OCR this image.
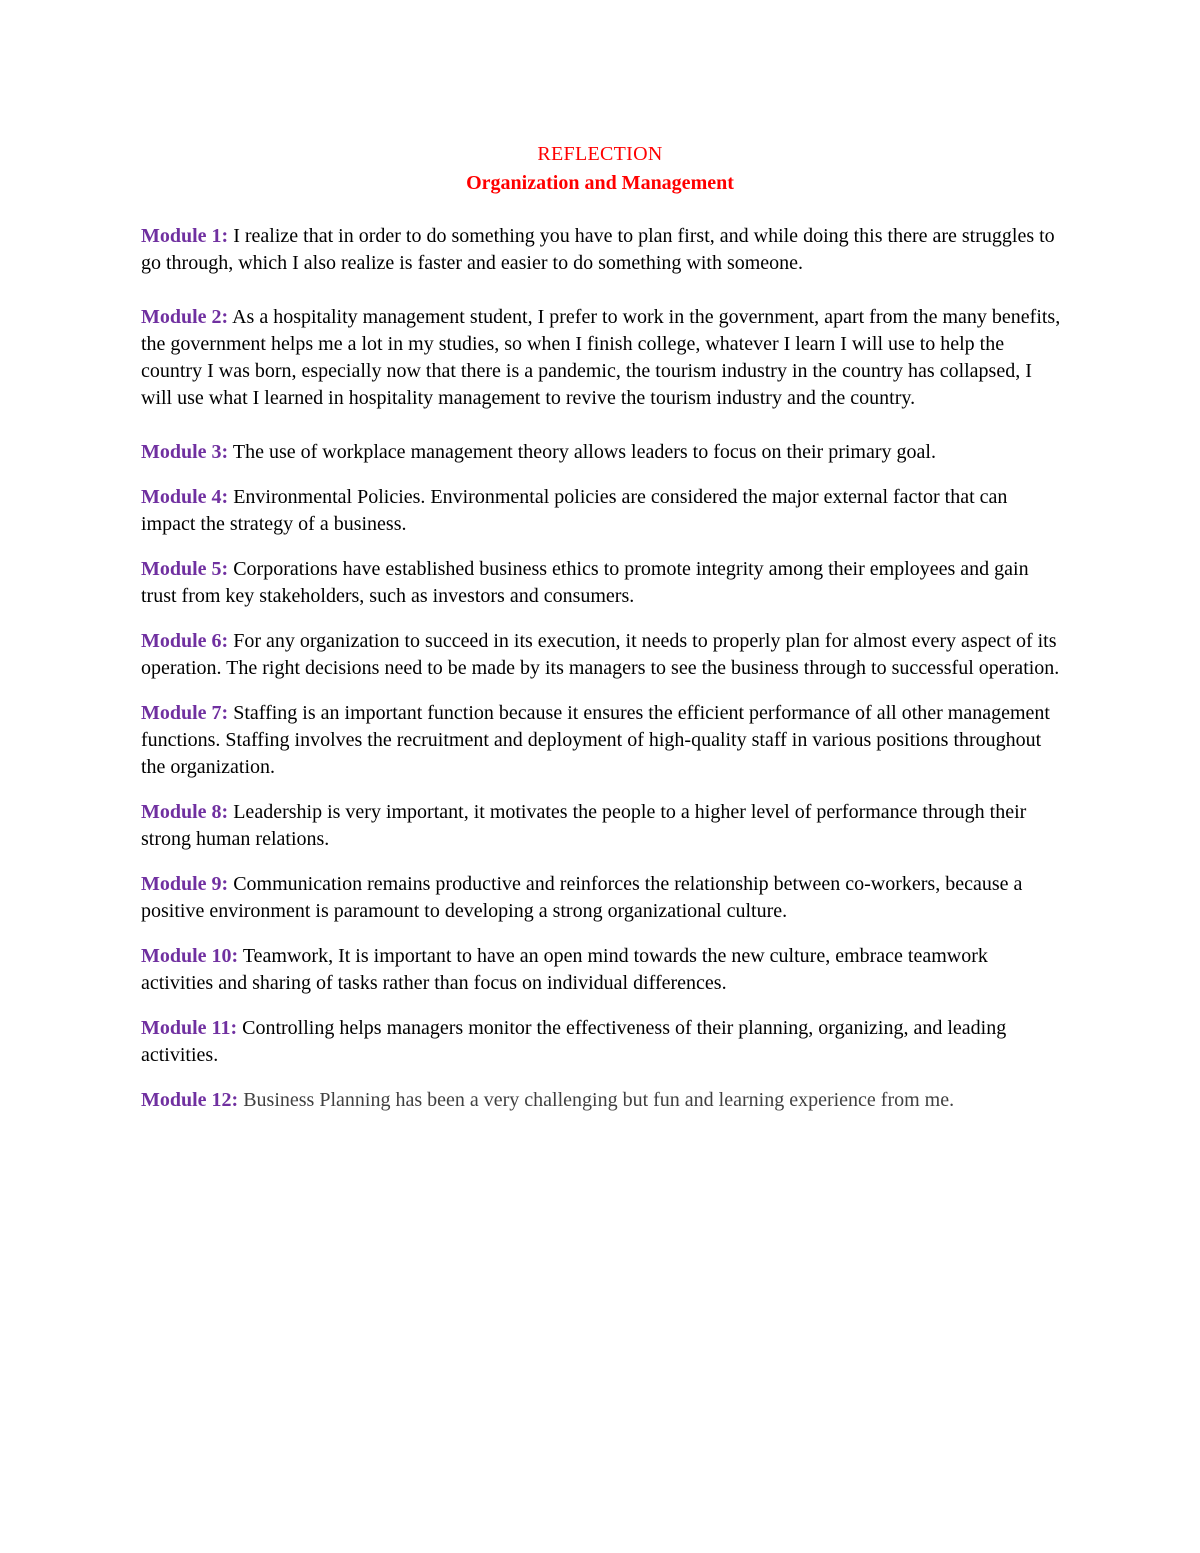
REFLECTION

Organization and Management

Module 1: I realize that in order to do something you have to plan first, and while doing this there are struggles to go through, which I also realize is faster and easier to do something with someone.

Module 2: As a hospitality management student, I prefer to work in the government, apart from the many benefits, the government helps me a lot in my studies, so when I finish college, whatever I learn I will use to help the country I was born, especially now that there is a pandemic, the tourism industry in the country has collapsed, I will use what I learned in hospitality management to revive the tourism industry and the country.

Module 3: The use of workplace management theory allows leaders to focus on their primary goal.

Module 4: Environmental Policies. Environmental policies are considered the major external factor that can impact the strategy of a business.

Module 5: Corporations have established business ethics to promote integrity among their employees and gain trust from key stakeholders, such as investors and consumers.

Module 6: For any organization to succeed in its execution, it needs to properly plan for almost every aspect of its operation. The right decisions need to be made by its managers to see the business through to successful operation.

Module 7: Staffing is an important function because it ensures the efficient performance of all other management functions. Staffing involves the recruitment and deployment of high-quality staff in various positions throughout the organization.

Module 8: Leadership is very important, it motivates the people to a higher level of performance through their strong human relations.

Module 9: Communication remains productive and reinforces the relationship between co-workers, because a positive environment is paramount to developing a strong organizational culture.

Module 10: Teamwork, It is important to have an open mind towards the new culture, embrace teamwork activities and sharing of tasks rather than focus on individual differences.

Module 11: Controlling helps managers monitor the effectiveness of their planning, organizing, and leading activities.

Module 12: Business Planning has been a very challenging but fun and learning experience from me.
